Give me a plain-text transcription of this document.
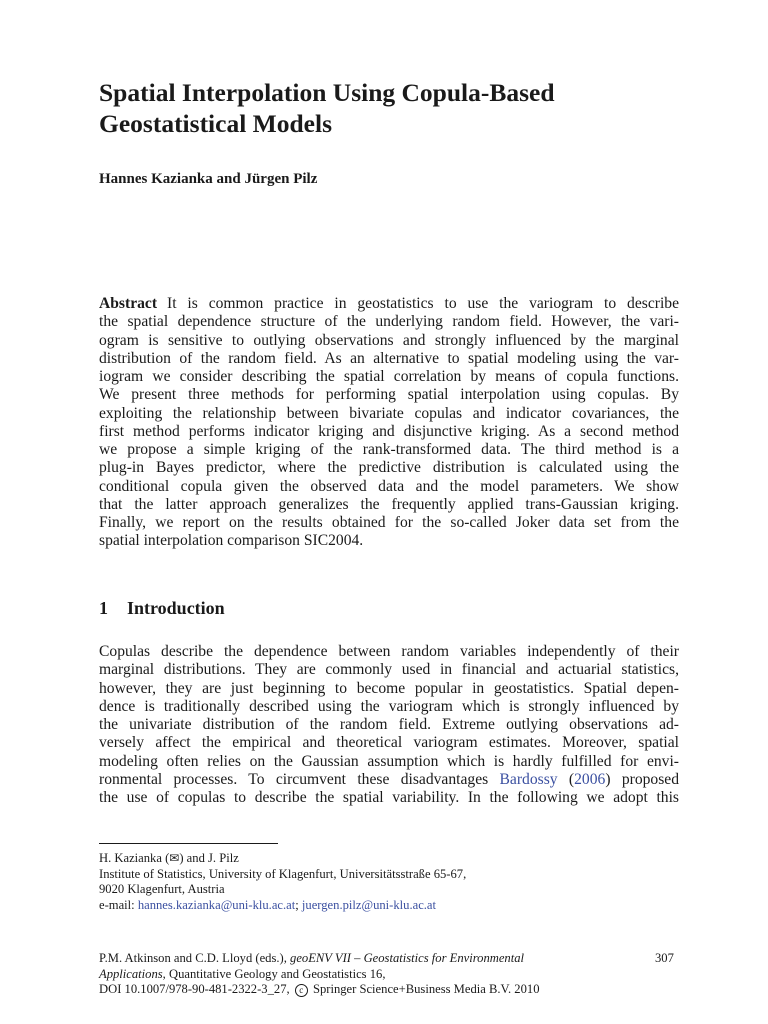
Spatial Interpolation Using Copula-Based
Geostatistical Models
Hannes Kazianka and Jürgen Pilz
Abstract It is common practice in geostatistics to use the variogram to describe
the spatial dependence structure of the underlying random field. However, the vari-
ogram is sensitive to outlying observations and strongly influenced by the marginal
distribution of the random field. As an alternative to spatial modeling using the var-
iogram we consider describing the spatial correlation by means of copula functions.
We present three methods for performing spatial interpolation using copulas. By
exploiting the relationship between bivariate copulas and indicator covariances, the
first method performs indicator kriging and disjunctive kriging. As a second method
we propose a simple kriging of the rank-transformed data. The third method is a
plug-in Bayes predictor, where the predictive distribution is calculated using the
conditional copula given the observed data and the model parameters. We show
that the latter approach generalizes the frequently applied trans-Gaussian kriging.
Finally, we report on the results obtained for the so-called Joker data set from the
spatial interpolation comparison SIC2004.
1 Introduction
Copulas describe the dependence between random variables independently of their
marginal distributions. They are commonly used in financial and actuarial statistics,
however, they are just beginning to become popular in geostatistics. Spatial depen-
dence is traditionally described using the variogram which is strongly influenced by
the univariate distribution of the random field. Extreme outlying observations ad-
versely affect the empirical and theoretical variogram estimates. Moreover, spatial
modeling often relies on the Gaussian assumption which is hardly fulfilled for envi-
ronmental processes. To circumvent these disadvantages Bardossy (2006) proposed
the use of copulas to describe the spatial variability. In the following we adopt this
H. Kazianka (✉) and J. Pilz
Institute of Statistics, University of Klagenfurt, Universitätsstraße 65-67,
9020 Klagenfurt, Austria
e-mail: hannes.kazianka@uni-klu.ac.at; juergen.pilz@uni-klu.ac.at
P.M. Atkinson and C.D. Lloyd (eds.), geoENV VII – Geostatistics for Environmental
Applications, Quantitative Geology and Geostatistics 16,
DOI 10.1007/978-90-481-2322-3_27, c Springer Science+Business Media B.V. 2010
307
